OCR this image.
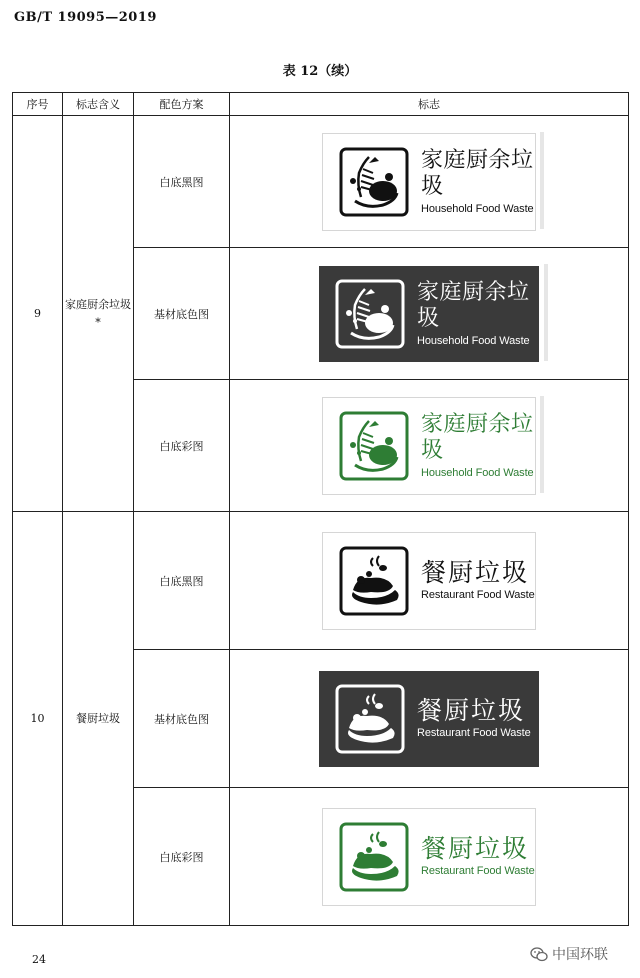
GB/T 19095—2019
表 12（续）
序号	标志含义	配色方案	标志
9	家庭厨余垃圾*	白底黑图	家庭厨余垃圾
Household Food Waste

		基材底色图	家庭厨余垃圾
Household Food Waste

		白底彩图	家庭厨余垃圾
Household Food Waste

10	餐厨垃圾	白底黑图	餐厨垃圾
Restaurant Food Waste

		基材底色图	餐厨垃圾
Restaurant Food Waste

		白底彩图	餐厨垃圾
Restaurant Food Waste
24	中国环联
